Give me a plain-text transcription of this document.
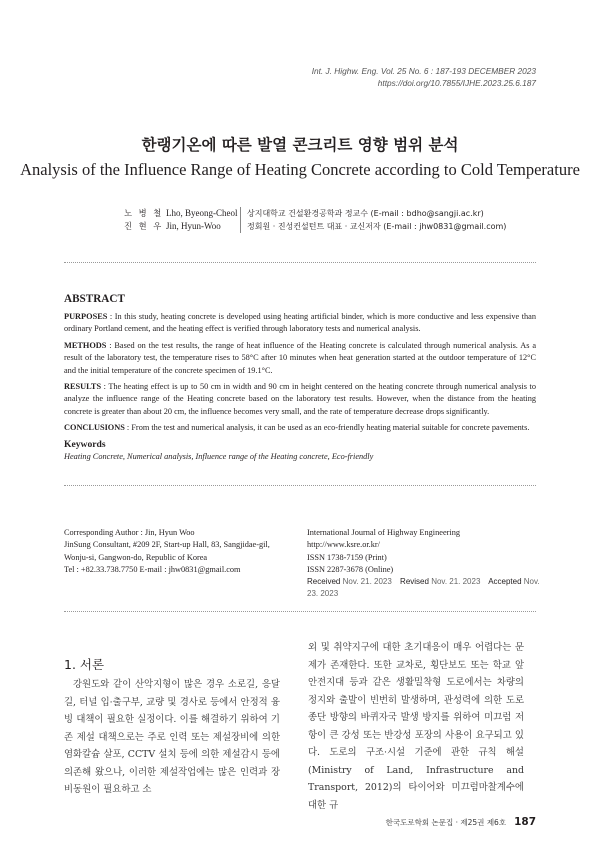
Int. J. Highw. Eng. Vol. 25 No. 6 : 187-193 DECEMBER 2023
https://doi.org/10.7855/IJHE.2023.25.6.187
한랭기온에 따른 발열 콘크리트 영향 범위 분석
Analysis of the Influence Range of Heating Concrete according to Cold Temperature
노 병 철 Lho, Byeong-Cheol	상지대학교 건설환경공학과 정교수 (E-mail : bdho@sangji.ac.kr)
진 현 우 Jin, Hyun-Woo	정회원 · 진성컨설턴트 대표 · 교신저자 (E-mail : jhw0831@gmail.com)
ABSTRACT
PURPOSES : In this study, heating concrete is developed using heating artificial binder, which is more conductive and less expensive than ordinary Portland cement, and the heating effect is verified through laboratory tests and numerical analysis.
METHODS : Based on the test results, the range of heat influence of the Heating concrete is calculated through numerical analysis. As a result of the laboratory test, the temperature rises to 58°C after 10 minutes when heat generation started at the outdoor temperature of 12°C and the initial temperature of the concrete specimen of 19.1°C.
RESULTS : The heating effect is up to 50 cm in width and 90 cm in height centered on the heating concrete through numerical analysis to analyze the influence range of the Heating concrete based on the laboratory test results. However, when the distance from the heating concrete is greater than about 20 cm, the influence becomes very small, and the rate of temperature decrease drops significantly.
CONCLUSIONS : From the test and numerical analysis, it can be used as an eco-friendly heating material suitable for concrete pavements.
Keywords
Heating Concrete, Numerical analysis, Influence range of the Heating concrete, Eco-friendly
Corresponding Author : Jin, Hyun Woo
JinSung Consultant, #209 2F, Start-up Hall, 83, Sangjidae-gil,
Wonju-si, Gangwon-do, Republic of Korea
Tel : +82.33.738.7750 E-mail : jhw0831@gmail.com
International Journal of Highway Engineering
http://www.ksre.or.kr/
ISSN 1738-7159 (Print)
ISSN 2287-3678 (Online)
Received Nov. 21. 2023 Revised Nov. 21. 2023 Accepted Nov. 23. 2023
1. 서론
강원도와 같이 산악지형이 많은 경우 소로길, 응달길, 터널 입·출구부, 교량 및 경사로 등에서 안정적 융빙 대책이 필요한 실정이다. 이를 해결하기 위하여 기존 제설 대책으로는 주로 인력 또는 제설장비에 의한 염화칼슘 살포, CCTV 설치 등에 의한 제설감시 등에 의존해 왔으나, 이러한 제설작업에는 많은 인력과 장비동원이 필요하고 소
외 및 취약지구에 대한 초기대응이 매우 어렵다는 문제가 존재한다. 또한 교차로, 횡단보도 또는 학교 앞 안전지대 등과 같은 생활밀착형 도로에서는 차량의 정지와 출발이 빈번히 발생하며, 관성력에 의한 도로종단 방향의 바퀴자국 발생 방지를 위하여 미끄럼 저항이 큰 강성 또는 반강성 포장의 사용이 요구되고 있다. 도로의 구조·시설 기준에 관한 규칙 해설(Ministry of Land, Infrastructure and Transport, 2012)의 타이어와 미끄럼마찰계수에 대한 규
한국도로학회 논문집 · 제25권 제6호 187
